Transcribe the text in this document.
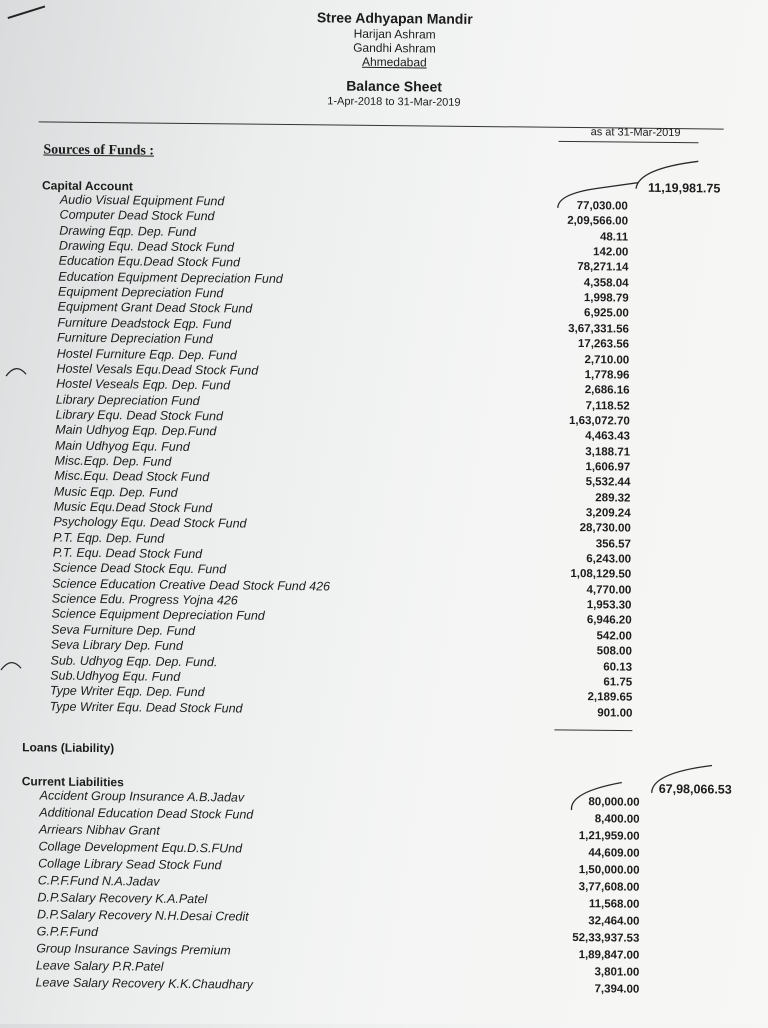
Stree Adhyapan Mandir
Harijan Ashram
Gandhi Ashram
Ahmedabad
Balance Sheet
1-Apr-2018 to 31-Mar-2019
as at 31-Mar-2019
Sources of Funds :
Capital Account	11,19,981.75
Audio Visual Equipment Fund	77,030.00
Computer Dead Stock Fund	2,09,566.00
Drawing Eqp. Dep. Fund	48.11
Drawing Equ. Dead Stock Fund	142.00
Education Equ.Dead Stock Fund	78,271.14
Education Equipment Depreciation Fund	4,358.04
Equipment Depreciation Fund	1,998.79
Equipment Grant Dead Stock Fund	6,925.00
Furniture Deadstock Eqp. Fund	3,67,331.56
Furniture Depreciation Fund	17,263.56
Hostel Furniture Eqp. Dep. Fund	2,710.00
Hostel Vesals Equ.Dead Stock Fund	1,778.96
Hostel Veseals Eqp. Dep. Fund	2,686.16
Library Depreciation Fund	7,118.52
Library Equ. Dead Stock Fund	1,63,072.70
Main Udhyog Eqp. Dep.Fund	4,463.43
Main Udhyog Equ. Fund	3,188.71
Misc.Eqp. Dep. Fund	1,606.97
Misc.Equ. Dead Stock Fund	5,532.44
Music Eqp. Dep. Fund	289.32
Music Equ.Dead Stock Fund	3,209.24
Psychology Equ. Dead Stock Fund	28,730.00
P.T. Eqp. Dep. Fund	356.57
P.T. Equ. Dead Stock Fund	6,243.00
Science Dead Stock Equ. Fund	1,08,129.50
Science Education Creative Dead Stock Fund 426	4,770.00
Science Edu. Progress Yojna 426	1,953.30
Science Equipment Depreciation Fund	6,946.20
Seva Furniture Dep. Fund	542.00
Seva Library Dep. Fund	508.00
Sub. Udhyog Eqp. Dep. Fund.	60.13
Sub.Udhyog Equ. Fund	61.75
Type Writer Eqp. Dep. Fund	2,189.65
Type Writer Equ. Dead Stock Fund	901.00
Loans (Liability)
Current Liabilities	67,98,066.53
Accident Group Insurance A.B.Jadav	80,000.00
Additional Education Dead Stock Fund	8,400.00
Arriears Nibhav Grant	1,21,959.00
Collage Development Equ.D.S.FUnd	44,609.00
Collage Library Sead Stock Fund	1,50,000.00
C.P.F.Fund N.A.Jadav	3,77,608.00
D.P.Salary Recovery K.A.Patel	11,568.00
D.P.Salary Recovery N.H.Desai Credit	32,464.00
G.P.F.Fund	52,33,937.53
Group Insurance Savings Premium	1,89,847.00
Leave Salary P.R.Patel	3,801.00
Leave Salary Recovery K.K.Chaudhary	7,394.00
